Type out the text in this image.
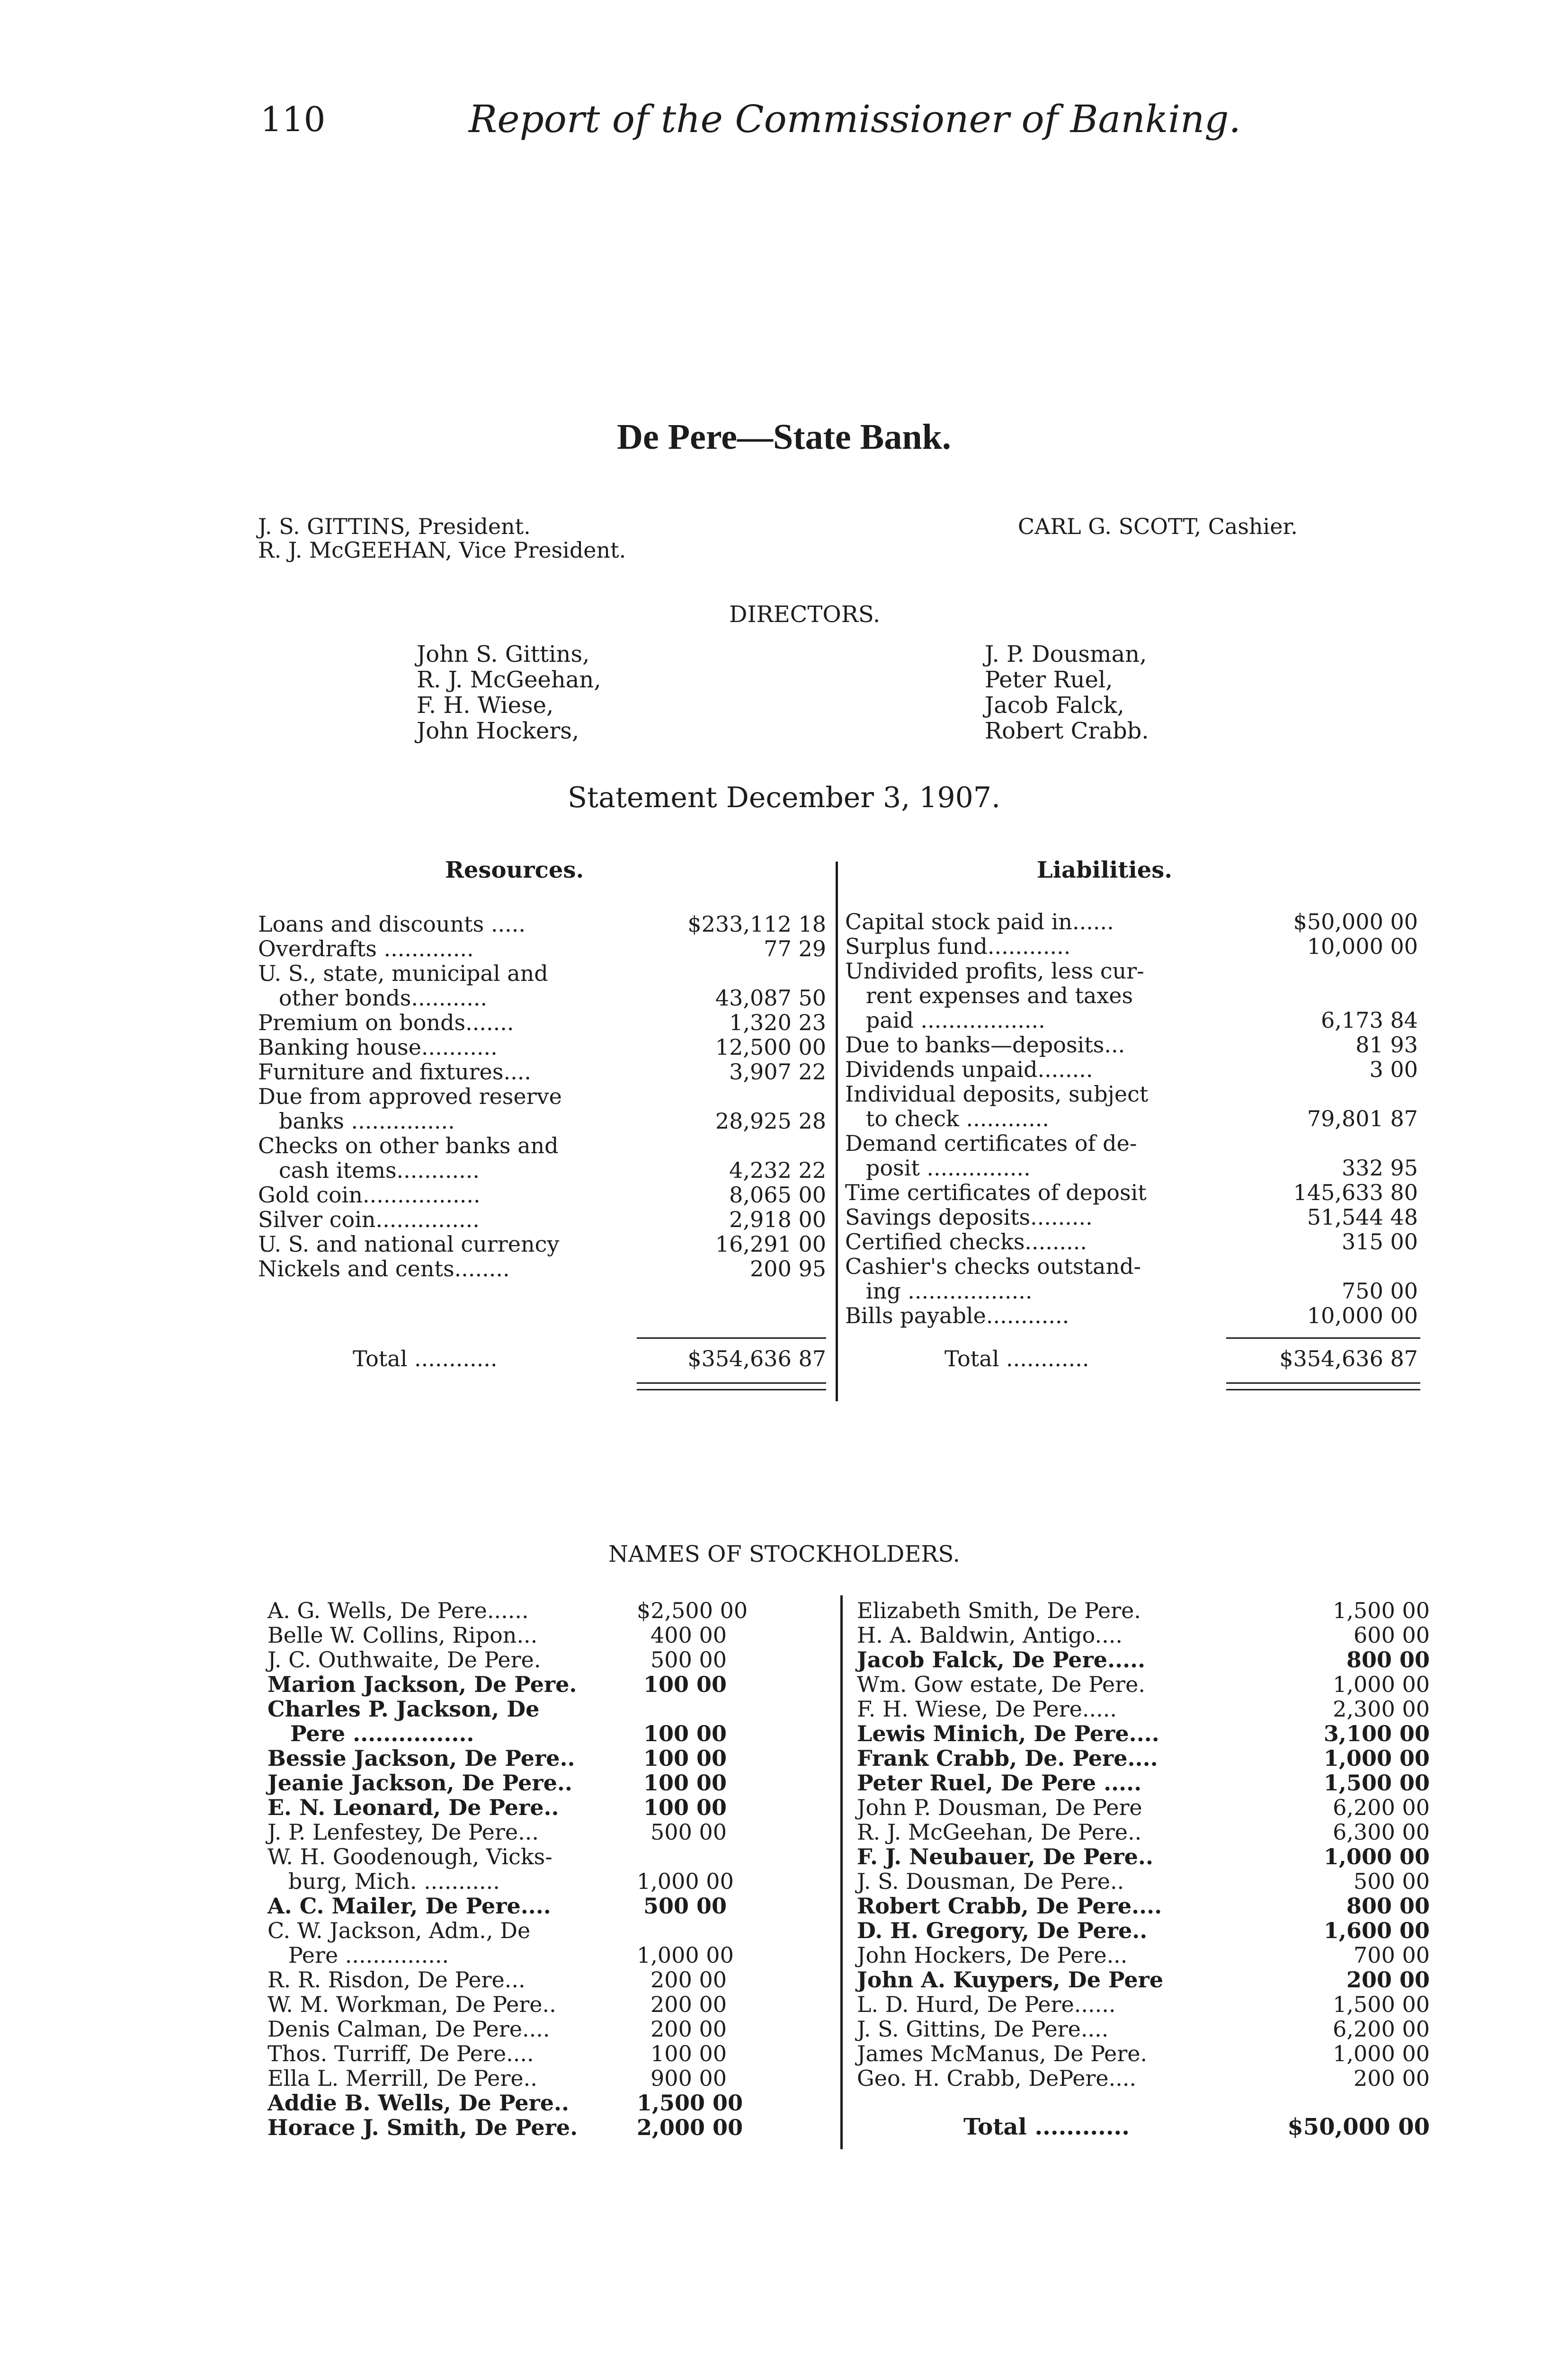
110	Report of the Commissioner of Banking.
De Pere—State Bank.
J. S. GITTINS, President.
R. J. McGEEHAN, Vice President.
CARL G. SCOTT, Cashier.
DIRECTORS.
John S. Gittins,
R. J. McGeehan,
F. H. Wiese,
John Hockers,
J. P. Dousman,
Peter Ruel,
Jacob Falck,
Robert Crabb.
Statement December 3, 1907.
Resources.	Liabilities.
Loans and discounts .....	$233,112 18
Overdrafts .............	77 29
U. S., state, municipal and
other bonds...........	43,087 50
Premium on bonds.......	1,320 23
Banking house...........	12,500 00
Furniture and fixtures....	3,907 22
Due from approved reserve
banks ...............	28,925 28
Checks on other banks and
cash items............	4,232 22
Gold coin.................	8,065 00
Silver coin...............	2,918 00
U. S. and national currency	16,291 00
Nickels and cents........	200 95
Capital stock paid in......	$50,000 00
Surplus fund............	10,000 00
Undivided profits, less cur-
rent expenses and taxes
paid ..................	6,173 84
Due to banks—deposits...	81 93
Dividends unpaid........	3 00
Individual deposits, subject
to check ............	79,801 87
Demand certificates of de-
posit ...............	332 95
Time certificates of deposit	145,633 80
Savings deposits.........	51,544 48
Certified checks.........	315 00
Cashier's checks outstand-
ing ..................	750 00
Bills payable............	10,000 00
Total ............	$354,636 87	Total ............	$354,636 87
NAMES OF STOCKHOLDERS.
A. G. Wells, De Pere......	$2,500 00
Belle W. Collins, Ripon...	400 00
J. C. Outhwaite, De Pere.	500 00
Marion Jackson, De Pere.	100 00
Charles P. Jackson, De
Pere ................	100 00
Bessie Jackson, De Pere..	100 00
Jeanie Jackson, De Pere..	100 00
E. N. Leonard, De Pere..	100 00
J. P. Lenfestey, De Pere...	500 00
W. H. Goodenough, Vicks-
burg, Mich. ...........	1,000 00
A. C. Mailer, De Pere....	500 00
C. W. Jackson, Adm., De
Pere ...............	1,000 00
R. R. Risdon, De Pere...	200 00
W. M. Workman, De Pere..	200 00
Denis Calman, De Pere....	200 00
Thos. Turriff, De Pere....	100 00
Ella L. Merrill, De Pere..	900 00
Addie B. Wells, De Pere..	1,500 00
Horace J. Smith, De Pere.	2,000 00
Elizabeth Smith, De Pere.	1,500 00
H. A. Baldwin, Antigo....	600 00
Jacob Falck, De Pere.....	800 00
Wm. Gow estate, De Pere.	1,000 00
F. H. Wiese, De Pere.....	2,300 00
Lewis Minich, De Pere....	3,100 00
Frank Crabb, De. Pere....	1,000 00
Peter Ruel, De Pere .....	1,500 00
John P. Dousman, De Pere	6,200 00
R. J. McGeehan, De Pere..	6,300 00
F. J. Neubauer, De Pere..	1,000 00
J. S. Dousman, De Pere..	500 00
Robert Crabb, De Pere....	800 00
D. H. Gregory, De Pere..	1,600 00
John Hockers, De Pere...	700 00
John A. Kuypers, De Pere	200 00
L. D. Hurd, De Pere......	1,500 00
J. S. Gittins, De Pere....	6,200 00
James McManus, De Pere.	1,000 00
Geo. H. Crabb, DePere....	200 00
Total ............	$50,000 00
